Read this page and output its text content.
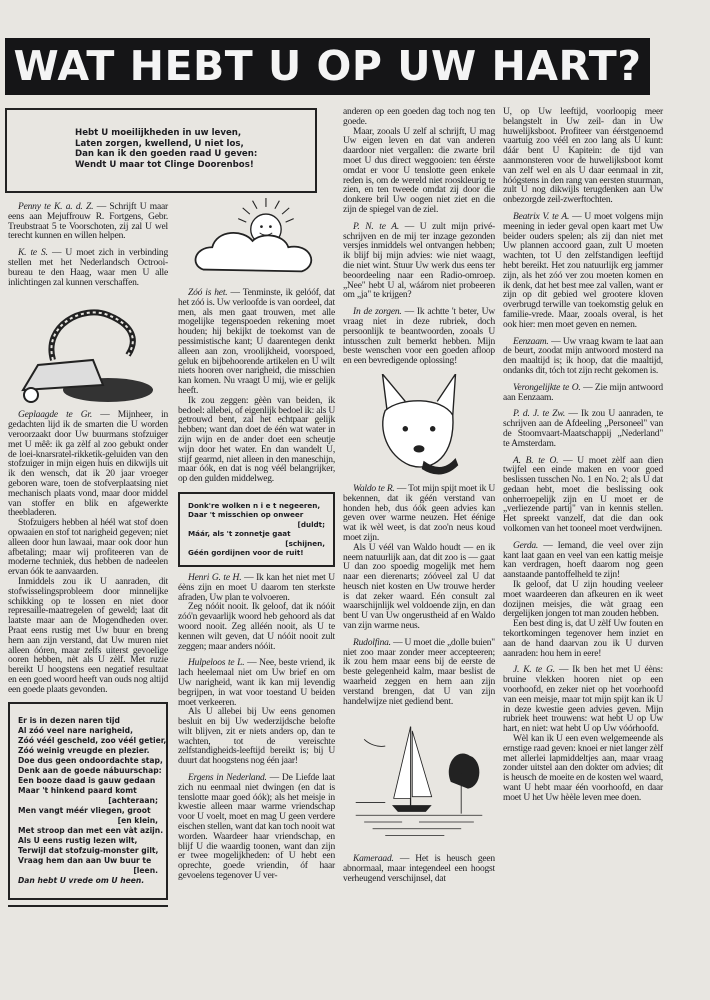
WAT HEBT U OP UW HART?
Hebt U moeilijkheden in uw leven,
Laten zorgen, kwellend, U niet los,
Dan kan ik den goeden raad U geven:
Wendt U maar tot Clinge Doorenbos!

Penny te K. a. d. Z. — Schrijft U maar eens aan Mejuffrouw R. Fortgens, Gebr. Treubstraat 5 te Voorschoten, zij zal U wel terecht kunnen en willen helpen.

K. te S. — U moet zich in verbinding stellen met het Nederlandsch Octrooi-bureau te den Haag, waar men U alle inlichtingen zal kunnen verschaffen.

Geplaagde te Gr. — Mijnheer, in gedachten lijd ik de smarten die U worden veroorzaakt door Uw buurmans stofzuiger met U mêê: ik ga zèlf al zoo gebukt onder de loei-knarsratel-rikketik-geluiden van den stofzuiger in mijn eigen huis en dikwijls uit ik den wensch, dat ik 20 jaar vroeger geboren ware, toen de stofverplaatsing niet mechanisch plaats vond, maar door middel van stoffer en blik en afgewerkte theebladeren.

Stofzuigers hebben al héél wat stof doen opwaaien en stof tot narigheid gegeven; niet alleen door hun lawaai, maar ook door hun afbetaling; maar wij profiteeren van de moderne techniek, dus hebben de nadeelen ervan óók te aanvaarden.

Inmiddels zou ik U aanraden, dit stofwisselingsprobleem door minnelijke schikking op te lossen en niet door represaille-maatregelen of geweld; laat dit laatste maar aan de Mogendheden over. Praat eens rustig met Uw buur en breng hem aan zijn verstand, dat Uw muren niet alleen óóren, maar zelfs uiterst gevoelige ooren hebben, nèt als U zèlf. Met ruzie bereikt U hoogstens een negatief resultaat en een goed woord heeft van ouds nog altijd een goede plaats gevonden.

Er is in dezen naren tijd
Al zóó veel nare narigheid,
Zóó véél gescheld, zoo véél getier,
Zóó weinig vreugde en plezier.
Doe dus geen ondoordachte stap,
Denk aan de goede nábuurschap:
Een booze daad is gauw gedaan
Maar 't hinkend paard komt
[achteraan;
Men vangt méér vliegen, groot
[en klein,
Met stroop dan met een vàt azijn.
Als U eens rustig lezen wilt,
Terwijl dat stofzuig-monster gilt,
Vraag hem dan aan Uw buur te
[leen.
Dan hebt U vrede om U heen.

Zóó is het. — Tenminste, ik gelóóf, dat het zóó is. Uw verloofde is van oordeel, dat men, als men gaat trouwen, met alle mogelijke tegenspoeden rekening moet houden; hij bekijkt de toekomst van de pessimistische kant; U daarentegen denkt alleen aan zon, vroolijkheid, voorspoed, geluk en bijbehoorende artikelen en U wilt niets hooren over narigheid, die misschien kan komen. Nu vraagt U mij, wie er gelijk heeft.

Ik zou zeggen: gèèn van beiden, ik bedoel: allebei, of eigenlijk bedoel ik: als U getrouwd bent, zal het echtpaar gelijk hebben; want dan doet de één wat water in zijn wijn en de ander doet een scheutje wijn door het water. En dan wandelt U, stijf gearmd, niet alleen in den maneschijn, maar óók, en dat is nog véél belangrijker, op den gulden middelweg.

Donk're wolken n i e t negeeren,
Daar 't misschien op onweer
[duldt;
Máár, als 't zonnetje gaat
[schijnen,
Géén gordijnen voor de ruit!

Henri G. te H. — Ik kan het niet met U éèns zijn en moet U daarom ten sterkste afraden, Uw plan te volvoeren.

Zeg nóóit nooit. Ik geloof, dat ik nóóit zóó'n gevaarlijk woord heb gehoord als dat woord nooit. Zeg alléén nooit, als U te kennen wilt geven, dat U nóóit nooit zult zeggen; maar anders nóóit.

Hulpeloos te L. — Nee, beste vriend, ik lach heelemaal niet om Uw brief en om Uw narigheid, want ik kan mij levendig begrijpen, in wat voor toestand U beiden moet verkeeren.

Als U allebei bij Uw eens genomen besluit en bij Uw wederzijdsche belofte wilt blijven, zit er niets anders op, dan te wachten, tot de vereischte zelfstandigheids-leeftijd bereikt is; bij U duurt dat hoogstens nog één jaar!

Ergens in Nederland. — De Liefde laat zich nu eenmaal niet dwingen (en dat is tenslotte maar goed óók); als het meisje in kwestie alleen maar warme vriendschap voor U voelt, moet en mag U geen verdere eischen stellen, want dat kan toch nooit wat worden. Waardeer haar vriendschap, en blijf U die waardig toonen, want dan zijn er twee mogelijkheden: of U hebt een oprechte, goede vriendin, óf haar gevoelens tegenover U ver-

anderen op een goeden dag toch nog ten goede.

Maar, zooals U zelf al schrijft, U mag Uw eigen leven en dat van anderen daardoor niet vergallen: die zwarte bril moet U dus direct weggooien: ten éérste omdat er voor U tenslotte geen enkele reden is, om de wereld niet rooskleurig te zien, en ten tweede omdat zij door die donkere bril Uw oogen niet ziet en die zijn de spiegel van de ziel.

P. N. te A. — U zult mijn privé-schrijven en de mij ter inzage gezonden versjes inmiddels wel ontvangen hebben; ik blijf bij mijn advies: wie niet waagt, die niet wint. Stuur Uw werk dus eens ter beoordeeling naar een Radio-omroep. „Nee" hebt U al, wáárom niet probeeren om „ja" te krijgen?

In de zorgen. — Ik achtte 't beter, Uw vraag niet in deze rubriek, doch persoonlijk te beantwoorden, zooals U intusschen zult bemerkt hebben. Mijn beste wenschen voor een goeden afloop en een bevredigende oplossing!

Waldo te R. — Tot mijn spijt moet ik U bekennen, dat ik géén verstand van honden heb, dus óók geen advies kan geven over warme neuzen. Het éénige wat ik wèl weet, is dat zoo'n neus koud moet zijn.

Als U véél van Waldo houdt — en ik neem natuurlijk aan, dat dit zoo is — gaat U dan zoo spoedig mogelijk met hem naar een dierenarts; zóóveel zal U dat heusch niet kosten en Uw trouwe herder is dat zeker waard. Eén consult zal waarschijnlijk wel voldoende zijn, en dan bent U van Uw ongerustheid af en Waldo van zijn warme neus.

Rudolfina. — U moet die „dolle buien" niet zoo maar zonder meer accepteeren; ik zou hem maar eens bij de eerste de beste gelegenheid kalm, maar beslist de waarheid zeggen en hem aan zijn verstand brengen, dat U van zijn handelwijze niet gediend bent.

Kameraad. — Het is heusch geen abnormaal, maar integendeel een hoogst verheugend verschijnsel, dat

U, op Uw leeftijd, voorloopig meer belangstelt in Uw zeil- dan in Uw huwelijksboot. Profiteer van éérstgenoemd vaartuig zoo véél en zoo lang als U kunt: dáár bent U Kapitein: de tijd van aanmonsteren voor de huwelijksboot komt van zelf wel en als U daar eenmaal in zit, hóógstens in den rang van eersten stuurman, zult U nog dikwijls terugdenken aan Uw onbezorgde zeil-zwerftochten.

Beatrix V. te A. — U moet volgens mijn meening in ieder geval open kaart met Uw beider ouders spelen; als zij dan niet met Uw plannen accoord gaan, zult U moeten wachten, tot U den zelfstandigen leeftijd hebt bereikt. Het zou natuurlijk erg jammer zijn, als het zóó ver zou moeten komen en ik denk, dat het best mee zal vallen, want er zijn op dit gebied wel grootere kloven overbrugd terwille van toekomstig geluk en familie-vrede. Maar, zooals overal, is het ook hier: men moet geven en nemen.

Eenzaam. — Uw vraag kwam te laat aan de beurt, zoodat mijn antwoord mosterd na den maaltijd is; ik hoop, dat die maaltijd, ondanks dit, tóch tot zijn recht gekomen is.

Verongelijkte te O. — Zie mijn antwoord aan Eenzaam.

P. d. J. te Zw. — Ik zou U aanraden, te schrijven aan de Afdeeling „Personeel" van de Stoomvaart-Maatschappij „Nederland" te Amsterdam.

A. B. te O. — U moet zèlf aan dien twijfel een einde maken en voor goed beslissen tusschen No. 1 en No. 2; als U dat gedaan hebt, moet die beslissing ook onherroepelijk zijn en U moet er de „verliezende partij" van in kennis stellen. Het spreekt vanzelf, dat die dan ook volkomen van het tooneel moet verdwijnen.

Gerda. — Iemand, die veel over zijn kant laat gaan en veel van een kattig meisje kan verdragen, hoeft daarom nog geen aanstaande pantoffelheld te zijn!

Ik geloof, dat U zijn houding veeleer moet waardeeren dan afkeuren en ik weet dozijnen meisjes, die wàt graag een dergelijken jongen tot man zouden hebben.

Een best ding is, dat U zèlf Uw fouten en tekortkomingen tegenover hem inziet en aan de hand daarvan zou ik U durven aanraden: hou hem in eere!

J. K. te G. — Ik ben het met U éèns: bruine vlekken hooren niet op een voorhoofd, en zeker niet op het voorhoofd van een meisje, maar tot mijn spijt kan ik U in deze kwestie geen advies geven. Mijn rubriek heet trouwens: wat hebt U op Uw hart, en niet: wat hebt U op Uw vóórhoofd.

Wèl kan ik U een even welgemeende als ernstige raad geven: knoei er niet langer zèlf met allerlei lapmiddeltjes aan, maar vraag zonder uitstel aan den dokter om advies; dit is heusch de moeite en de kosten wel waard, want U hebt maar één voorhoofd, en daar moet U het Uw hèèle leven mee doen.
